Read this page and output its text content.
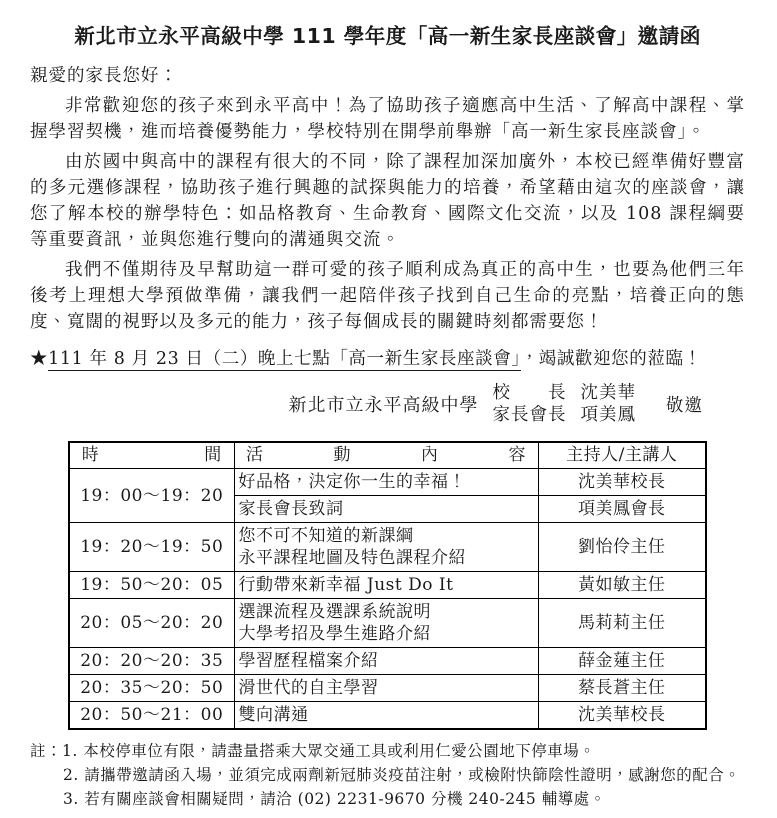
新北市立永平高級中學 111 學年度「高一新生家長座談會」邀請函
親愛的家長您好：

非常歡迎您的孩子來到永平高中！為了協助孩子適應高中生活、了解高中課程、掌握學習契機，進而培養優勢能力，學校特別在開學前舉辦「高一新生家長座談會」。

由於國中與高中的課程有很大的不同，除了課程加深加廣外，本校已經準備好豐富的多元選修課程，協助孩子進行興趣的試探與能力的培養，希望藉由這次的座談會，讓您了解本校的辦學特色：如品格教育、生命教育、國際文化交流，以及 108 課程綱要等重要資訊，並與您進行雙向的溝通與交流。

我們不僅期待及早幫助這一群可愛的孩子順利成為真正的高中生，也要為他們三年後考上理想大學預做準備，讓我們一起陪伴孩子找到自己生命的亮點，培養正向的態度、寬闊的視野以及多元的能力，孩子每個成長的關鍵時刻都需要您！

★111 年 8 月 23 日（二）晚上七點「高一新生家長座談會」，竭誠歡迎您的蒞臨！
新北市立永平高級中學
校　　長 沈美華
家長會長 項美鳳 敬邀
時　　　　　　間	活　　　　動　　　　內　　　　容	主持人/主講人
19：00～19：20	好品格，決定你一生的幸福！	沈美華校長
	家長會長致詞	項美鳳會長
19：20～19：50	您不可不知道的新課綱
永平課程地圖及特色課程介紹	劉怡伶主任
19：50～20：05	行動帶來新幸福 Just Do It	黃如敏主任
20：05～20：20	選課流程及選課系統說明
大學考招及學生進路介紹	馬莉莉主任
20：20～20：35	學習歷程檔案介紹	薛金蓮主任
20：35～20：50	滑世代的自主學習	蔡長蒼主任
20：50～21：00	雙向溝通	沈美華校長
註：1. 本校停車位有限，請盡量搭乘大眾交通工具或利用仁愛公園地下停車場。
2. 請攜帶邀請函入場，並須完成兩劑新冠肺炎疫苗注射，或檢附快篩陰性證明，感謝您的配合。
3. 若有關座談會相關疑問，請洽 (02) 2231-9670 分機 240-245 輔導處。
